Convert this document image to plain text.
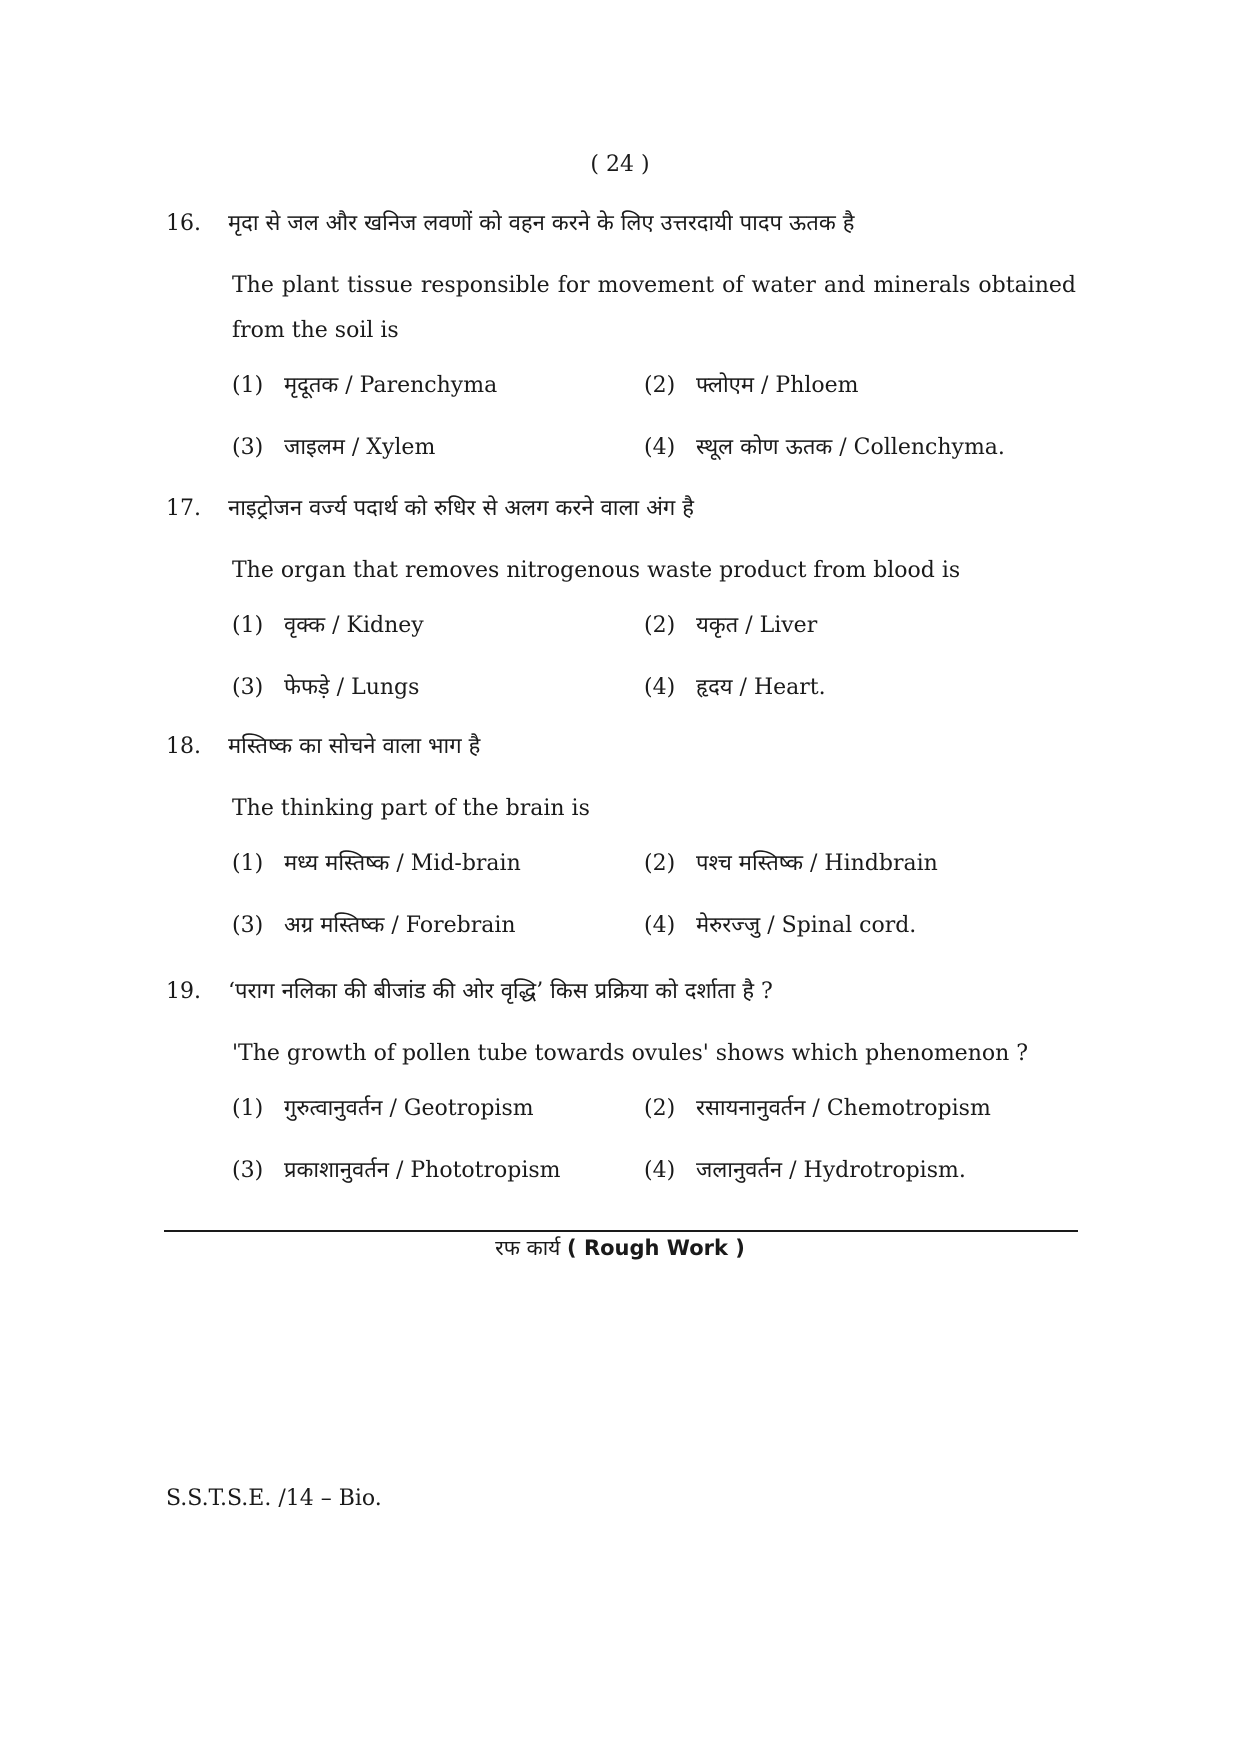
( 24 )
16.	मृदा से जल और खनिज लवणों को वहन करने के लिए उत्तरदायी पादप ऊतक है
The plant tissue responsible for movement of water and minerals obtained from the soil is
(1) मृदूतक / Parenchyma	(2) फ्लोएम / Phloem
(3) जाइलम / Xylem	(4) स्थूल कोण ऊतक / Collenchyma.
17.	नाइट्रोजन वर्ज्य पदार्थ को रुधिर से अलग करने वाला अंग है
The organ that removes nitrogenous waste product from blood is
(1) वृक्क / Kidney	(2) यकृत / Liver
(3) फेफड़े / Lungs	(4) हृदय / Heart.
18.	मस्तिष्क का सोचने वाला भाग है
The thinking part of the brain is
(1) मध्य मस्तिष्क / Mid-brain	(2) पश्च मस्तिष्क / Hindbrain
(3) अग्र मस्तिष्क / Forebrain	(4) मेरुरज्जु / Spinal cord.
19.	‘पराग नलिका की बीजांड की ओर वृद्धि’ किस प्रक्रिया को दर्शाता है ?
'The growth of pollen tube towards ovules' shows which phenomenon ?
(1) गुरुत्वानुवर्तन / Geotropism	(2) रसायनानुवर्तन / Chemotropism
(3) प्रकाशानुवर्तन / Phototropism	(4) जलानुवर्तन / Hydrotropism.
रफ कार्य ( Rough Work )
S.S.T.S.E. /14 – Bio.
